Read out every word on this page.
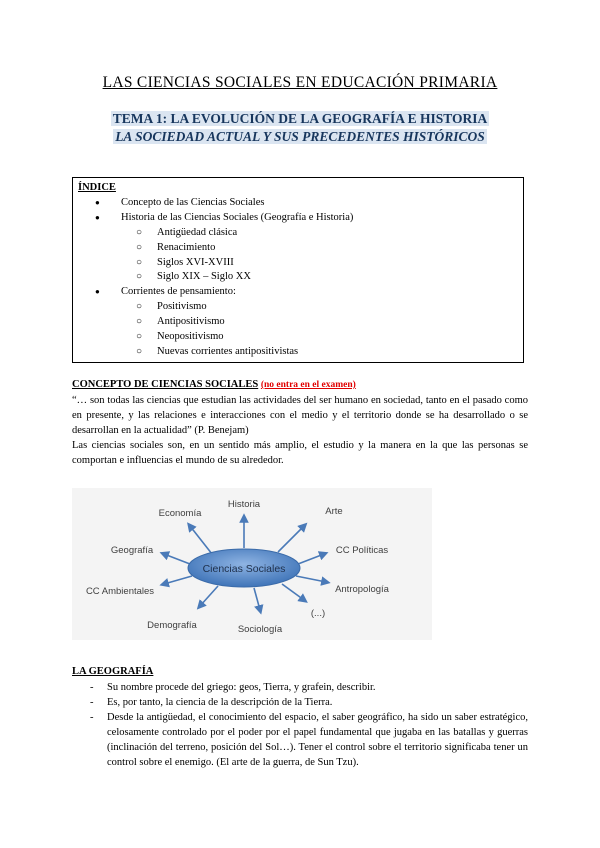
LAS CIENCIAS SOCIALES EN EDUCACIÓN PRIMARIA
TEMA 1: LA EVOLUCIÓN DE LA GEOGRAFÍA E HISTORIA
LA SOCIEDAD ACTUAL Y SUS PRECEDENTES HISTÓRICOS
ÍNDICE
● Concepto de las Ciencias Sociales
● Historia de las Ciencias Sociales (Geografía e Historia)
○ Antigüedad clásica
○ Renacimiento
○ Siglos XVI-XVIII
○ Siglo XIX – Siglo XX
● Corrientes de pensamiento:
○ Positivismo
○ Antipositivismo
○ Neopositivismo
○ Nuevas corrientes antipositivistas
CONCEPTO DE CIENCIAS SOCIALES (no entra en el examen)
“… son todas las ciencias que estudian las actividades del ser humano en sociedad, tanto en el pasado como en presente, y las relaciones e interacciones con el medio y el territorio donde se ha desarrollado o se desarrollan en la actualidad” (P. Benejam)
Las ciencias sociales son, en un sentido más amplio, el estudio y la manera en la que las personas se comportan e influencias el mundo de su alrededor.
Ciencias Sociales
Economía
Historia
Arte
Geografía	CC Políticas
CC Ambientales	Antropología
Demografía	Sociología
(...)
LA GEOGRAFÍA
- Su nombre procede del griego: geos, Tierra, y grafein, describir.
- Es, por tanto, la ciencia de la descripción de la Tierra.
- Desde la antigüedad, el conocimiento del espacio, el saber geográfico, ha sido un saber estratégico, celosamente controlado por el poder por el papel fundamental que jugaba en las batallas y guerras (inclinación del terreno, posición del Sol…). Tener el control sobre el territorio significaba tener un control sobre el enemigo. (El arte de la guerra, de Sun Tzu).
